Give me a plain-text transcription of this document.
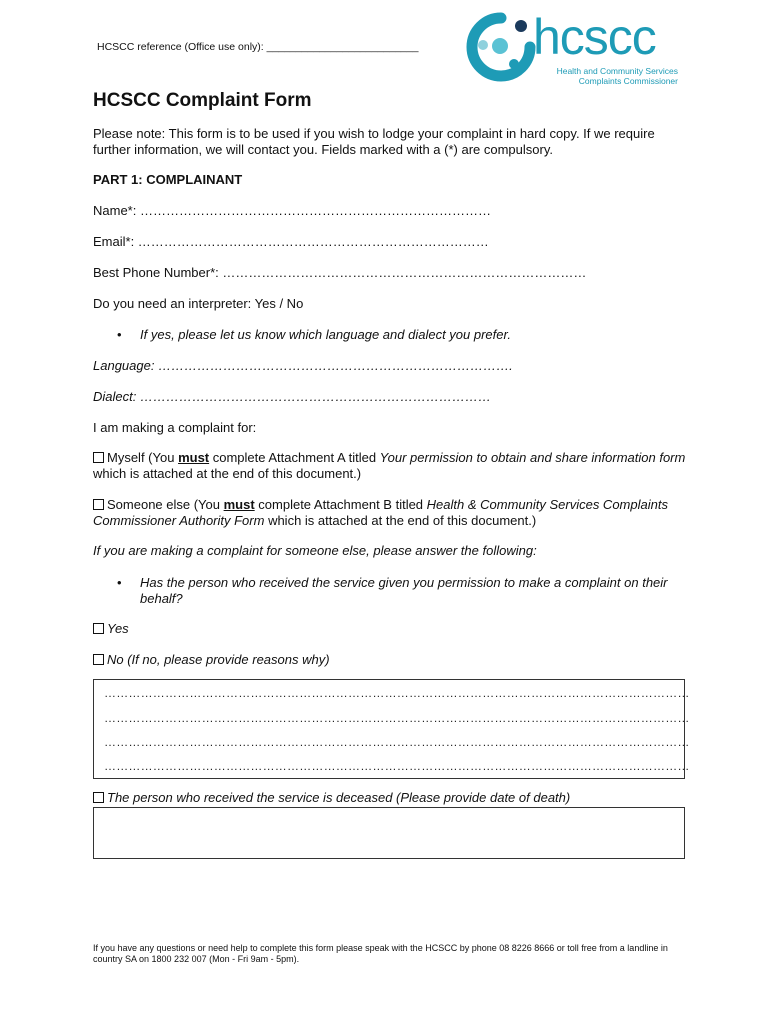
HCSCC reference (Office use only): __________________________ hcscc
Health and Community Services
Complaints Commissioner
HCSCC Complaint Form
Please note: This form is to be used if you wish to lodge your complaint in hard copy. If we require further information, we will contact you. Fields marked with a (*) are compulsory.
PART 1: COMPLAINANT
Name*: ………………………………………………………………………
Email*: ………………………………………………………………………
Best Phone Number*: …………………………………………………………………………
Do you need an interpreter: Yes / No
• If yes, please let us know which language and dialect you prefer.
Language: ……………………………………………………………………….
Dialect: ………………………………………………………………………
I am making a complaint for:
Myself (You must complete Attachment A titled Your permission to obtain and share information form which is attached at the end of this document.)
Someone else (You must complete Attachment B titled Health & Community Services Complaints Commissioner Authority Form which is attached at the end of this document.)
If you are making a complaint for someone else, please answer the following:
• Has the person who received the service given you permission to make a complaint on their behalf?
Yes
No (If no, please provide reasons why)
………………………………………………………………………………………………………………………………
………………………………………………………………………………………………………………………………
………………………………………………………………………………………………………………………………
………………………………………………………………………………………………………………………………
The person who received the service is deceased (Please provide date of death)
If you have any questions or need help to complete this form please speak with the HCSCC by phone 08 8226 8666 or toll free from a landline in country SA on 1800 232 007 (Mon - Fri 9am - 5pm).
